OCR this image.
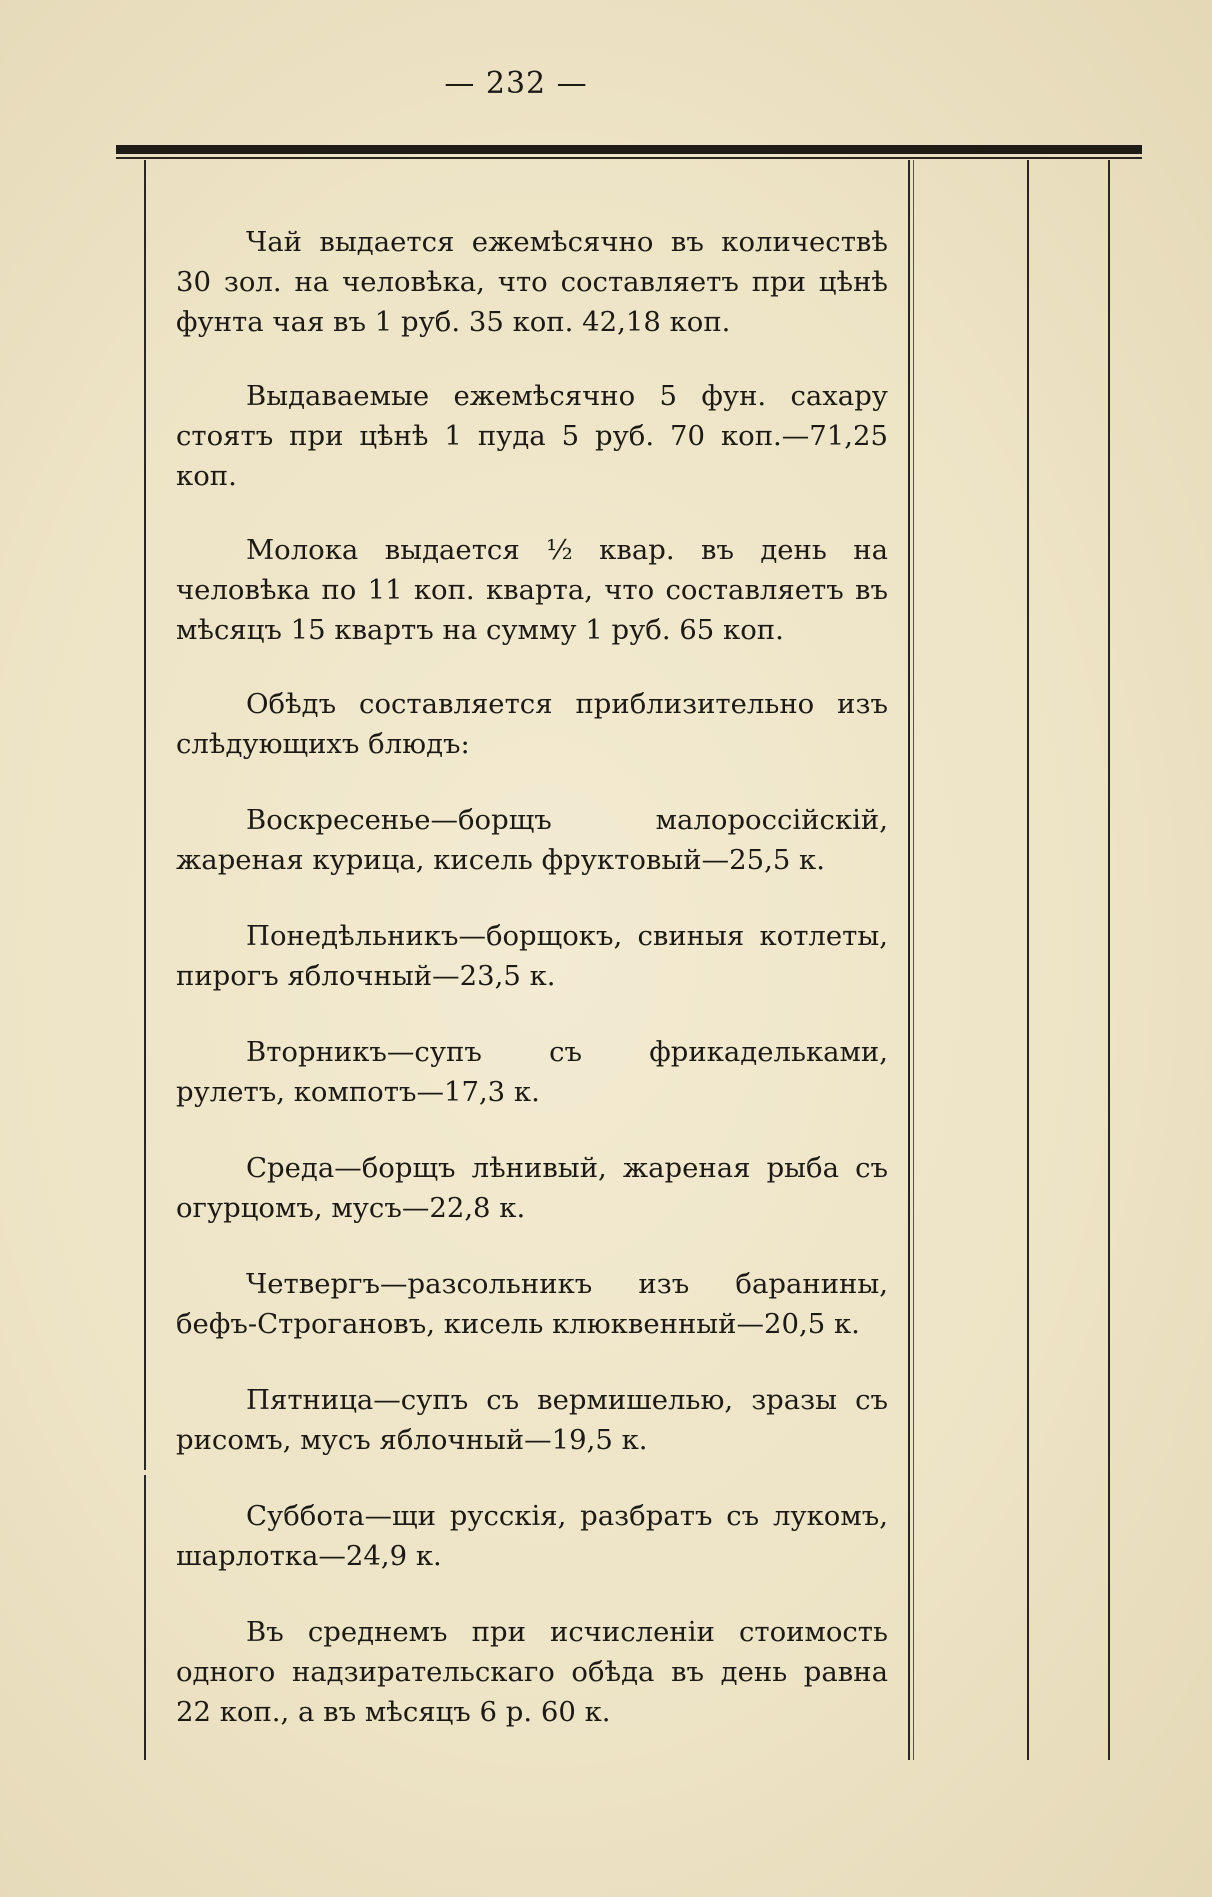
— 232 —

Чай выдается ежемѣсячно въ количествѣ 30 зол. на человѣка, что составляетъ при цѣнѣ фунта чая въ 1 руб. 35 коп. 42,18 коп.

Выдаваемые ежемѣсячно 5 фун. сахару стоятъ при цѣнѣ 1 пуда 5 руб. 70 коп.—71,25 коп.

Молока выдается ½ квар. въ день на человѣка по 11 коп. кварта, что составляетъ въ мѣсяцъ 15 квартъ на сумму 1 руб. 65 коп.

Обѣдъ составляется приблизительно изъ слѣдующихъ блюдъ:

Воскресенье—борщъ малороссійскій, жареная курица, кисель фруктовый—25,5 к.

Понедѣльникъ—борщокъ, свиныя котлеты, пирогъ яблочный—23,5 к.

Вторникъ—супъ съ фрикадельками, рулетъ, компотъ—17,3 к.

Среда—борщъ лѣнивый, жареная рыба съ огурцомъ, мусъ—22,8 к.

Четвергъ—разсольникъ изъ баранины, бефъ-Строгановъ, кисель клюквенный—20,5 к.

Пятница—супъ съ вермишелью, зразы съ рисомъ, мусъ яблочный—19,5 к.

Суббота—щи русскія, разбратъ съ лукомъ, шарлотка—24,9 к.

Въ среднемъ при исчисленіи стоимость одного надзирательскаго обѣда въ день равна 22 коп., а въ мѣсяцъ 6 р. 60 к.
